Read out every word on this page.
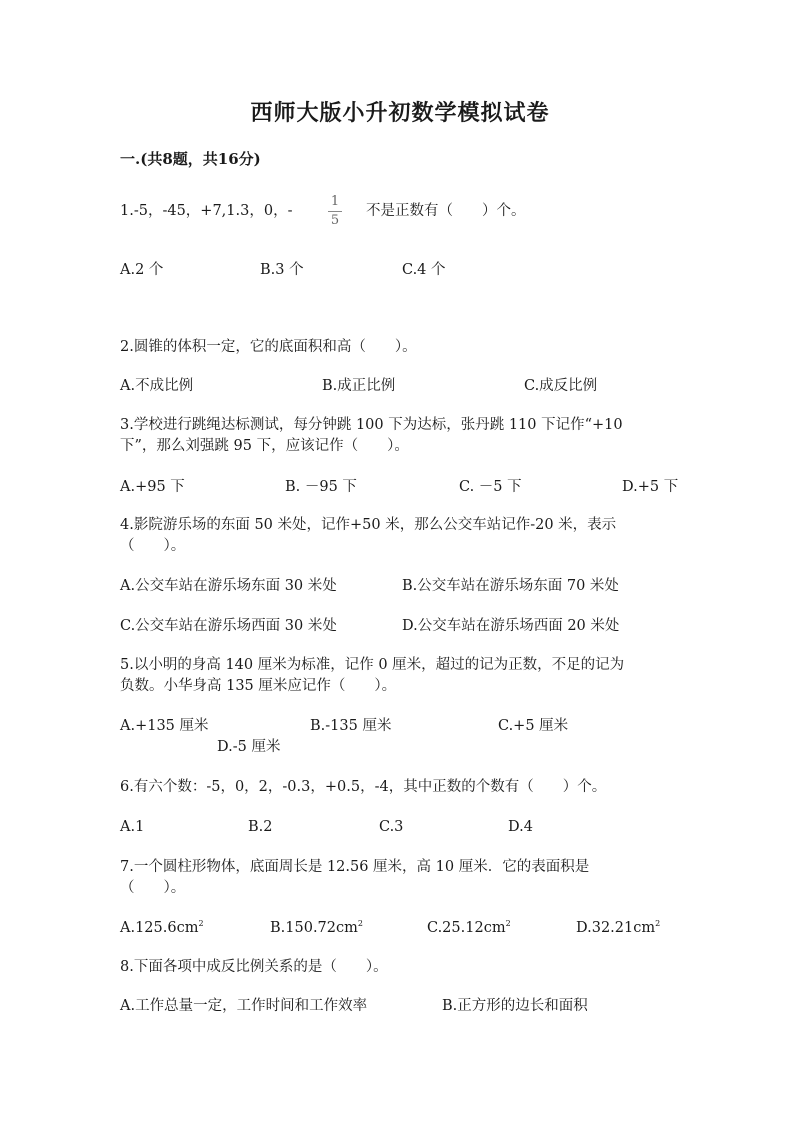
西师大版小升初数学模拟试卷
一.(共8题，共16分)
1.-5，-45，+7,1.3，0，-
1
5
不是正数有（　　）个。
A.2 个	B.3 个	C.4 个
2.圆锥的体积一定，它的底面积和高（　　）。
A.不成比例	B.成正比例	C.成反比例
3.学校进行跳绳达标测试，每分钟跳 100 下为达标，张丹跳 110 下记作“+10
下”，那么刘强跳 95 下，应该记作（　　）。
A.+95 下	B. －95 下	C. －5 下	D.+5 下
4.影院游乐场的东面 50 米处，记作+50 米，那么公交车站记作-20 米，表示
（　　）。
A.公交车站在游乐场东面 30 米处	B.公交车站在游乐场东面 70 米处
C.公交车站在游乐场西面 30 米处	D.公交车站在游乐场西面 20 米处
5.以小明的身高 140 厘米为标准，记作 0 厘米，超过的记为正数，不足的记为
负数。小华身高 135 厘米应记作（　　）。
A.+135 厘米	B.-135 厘米	C.+5 厘米
D.-5 厘米
6.有六个数：-5，0，2，-0.3，+0.5，-4，其中正数的个数有（　　）个。
A.1	B.2	C.3	D.4
7.一个圆柱形物体，底面周长是 12.56 厘米，高 10 厘米．它的表面积是
（　　）。
$A.125.6cm^2$	$B.150.72cm^2$	$C.25.12cm^2$	$D.32.21cm^2$
8.下面各项中成反比例关系的是（　　）。
A.工作总量一定，工作时间和工作效率	B.正方形的边长和面积
